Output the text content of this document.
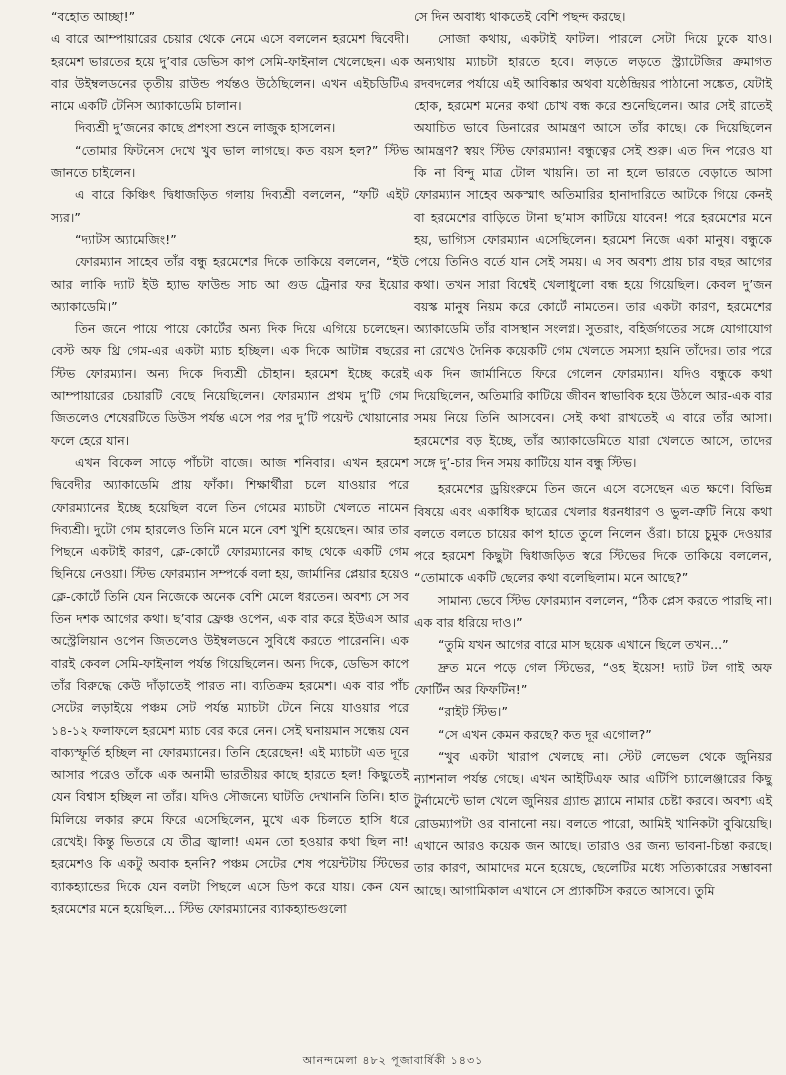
“বহোত আচ্ছা!”

এ বারে আম্পায়ারের চেয়ার থেকে নেমে এসে বললেন হরমেশ দ্বিবেদী। হরমেশ ভারতের হয়ে দু’বার ডেভিস কাপ সেমি-ফাইনাল খেলেছেন। এক বার উইম্বলডনের তৃতীয় রাউন্ড পর্যন্তও উঠেছিলেন। এখন এইচডিটিএ নামে একটি টেনিস অ্যাকাডেমি চালান।

দিব্যশ্রী দু’জনের কাছে প্রশংসা শুনে লাজুক হাসলেন।

“তোমার ফিটনেস দেখে খুব ভাল লাগছে। কত বয়স হল?” স্টিভ জানতে চাইলেন।

এ বারে কিঞ্চিৎ দ্বিধাজড়িত গলায় দিব্যশ্রী বললেন, “ফটি এইট স্যর।”

“দ্যাটস অ্যামেজিং!”

ফোরম্যান সাহেব তাঁর বন্ধু হরমেশের দিকে তাকিয়ে বললেন, “ইউ আর লাকি দ্যাট ইউ হ্যাভ ফাউন্ড সাচ আ গুড ট্রেনার ফর ইয়োর অ্যাকাডেমি।”

তিন জনে পায়ে পায়ে কোর্টের অন্য দিক দিয়ে এগিয়ে চলেছেন। বেস্ট অফ থ্রি গেম-এর একটা ম্যাচ হচ্ছিল। এক দিকে আটান্ন বছরের স্টিভ ফোরম্যান। অন্য দিকে দিব্যশ্রী চৌহান। হরমেশ ইচ্ছে করেই আম্পায়ারের চেয়ারটি বেছে নিয়েছিলেন। ফোরম্যান প্রথম দু’টি গেম জিতলেও শেষেরটিতে ডিউস পর্যন্ত এসে পর পর দু’টি পয়েন্ট খোয়ানোর ফলে হেরে যান।

এখন বিকেল সাড়ে পাঁচটা বাজে। আজ শনিবার। এখন হরমেশ দ্বিবেদীর অ্যাকাডেমি প্রায় ফাঁকা। শিক্ষার্থীরা চলে যাওয়ার পরে ফোরম্যানের ইচ্ছে হয়েছিল বলে তিন গেমের ম্যাচটা খেলতে নামেন দিব্যশ্রী। দুটো গেম হারলেও তিনি মনে মনে বেশ খুশি হয়েছেন। আর তার পিছনে একটাই কারণ, ক্লে-কোর্টে ফোরম্যানের কাছ থেকে একটি গেম ছিনিয়ে নেওয়া। স্টিভ ফোরম্যান সম্পর্কে বলা হয়, জার্মানির প্লেয়ার হয়েও ক্লে-কোর্টে তিনি যেন নিজেকে অনেক বেশি মেলে ধরতেন। অবশ্য সে সব তিন দশক আগের কথা। ছ’বার ফ্রেঞ্চ ওপেন, এক বার করে ইউএস আর অস্ট্রেলিয়ান ওপেন জিতলেও উইম্বলডনে সুবিধে করতে পারেননি। এক বারই কেবল সেমি-ফাইনাল পর্যন্ত গিয়েছিলেন। অন্য দিকে, ডেভিস কাপে তাঁর বিরুদ্ধে কেউ দাঁড়াতেই পারত না। ব্যতিক্রম হরমেশ। এক বার পাঁচ সেটের লড়াইয়ে পঞ্চম সেট পর্যন্ত ম্যাচটা টেনে নিয়ে যাওয়ার পরে ১৪-১২ ফলাফলে হরমেশ ম্যাচ বের করে নেন। সেই ঘনায়মান সন্ধেয় যেন বাক্যস্ফূর্তি হচ্ছিল না ফোরম্যানের। তিনি হেরেছেন! এই ম্যাচটা এত দূরে আসার পরেও তাঁকে এক অনামী ভারতীয়র কাছে হারতে হল! কিছুতেই যেন বিশ্বাস হচ্ছিল না তাঁর। যদিও সৌজন্যে ঘাটতি দেখাননি তিনি। হাত মিলিয়ে লকার রুমে ফিরে এসেছিলেন, মুখে এক চিলতে হাসি ধরে রেখেই। কিন্তু ভিতরে যে তীব্র জ্বালা! এমন তো হওয়ার কথা ছিল না! হরমেশও কি একটু অবাক হননি? পঞ্চম সেটের শেষ পয়েন্টটায় স্টিভের ব্যাকহ্যান্ডের দিকে যেন বলটা পিছলে এসে ডিপ করে যায়। কেন যেন হরমেশের মনে হয়েছিল... স্টিভ ফোরম্যানের ব্যাকহ্যান্ডগুলো

সে দিন অবাধ্য থাকতেই বেশি পছন্দ করছে।

সোজা কথায়, একটাই ফাটল। পারলে সেটা দিয়ে ঢুকে যাও। অন্যথায় ম্যাচটা হারতে হবে। লড়তে লড়তে স্ট্র্যাটেজির ক্রমাগত রদবদলের পর্যায়ে এই আবিষ্কার অথবা যষ্ঠেন্দ্রিয়র পাঠানো সঙ্কেত, যেটাই হোক, হরমেশ মনের কথা চোখ বন্ধ করে শুনেছিলেন। আর সেই রাতেই অযাচিত ভাবে ডিনারের আমন্ত্রণ আসে তাঁর কাছে। কে দিয়েছিলেন আমন্ত্রণ? স্বয়ং স্টিভ ফোরম্যান! বন্ধুত্বের সেই শুরু। এত দিন পরেও যা কি না বিন্দু মাত্র টোল খায়নি। তা না হলে ভারতে বেড়াতে আসা ফোরম্যান সাহেব অকস্মাৎ অতিমারির হানাদারিতে আটকে গিয়ে কেনই বা হরমেশের বাড়িতে টানা ছ’মাস কাটিয়ে যাবেন! পরে হরমেশের মনে হয়, ভাগ্যিস ফোরম্যান এসেছিলেন। হরমেশ নিজে একা মানুষ। বন্ধুকে পেয়ে তিনিও বর্তে যান সেই সময়। এ সব অবশ্য প্রায় চার বছর আগের কথা। তখন সারা বিশ্বেই খেলাধুলো বন্ধ হয়ে গিয়েছিল। কেবল দু’জন বয়স্ক মানুষ নিয়ম করে কোর্টে নামতেন। তার একটা কারণ, হরমেশের অ্যাকাডেমি তাঁর বাসস্থান সংলগ্ন। সুতরাং, বহির্জগতের সঙ্গে যোগাযোগ না রেখেও দৈনিক কয়েকটি গেম খেলতে সমস্যা হয়নি তাঁদের। তার পরে এক দিন জার্মানিতে ফিরে গেলেন ফোরম্যান। যদিও বন্ধুকে কথা দিয়েছিলেন, অতিমারি কাটিয়ে জীবন স্বাভাবিক হয়ে উঠলে আর-এক বার সময় নিয়ে তিনি আসবেন। সেই কথা রাখতেই এ বারে তাঁর আসা। হরমেশের বড় ইচ্ছে, তাঁর অ্যাকাডেমিতে যারা খেলতে আসে, তাদের সঙ্গে দু’-চার দিন সময় কাটিয়ে যান বন্ধু স্টিভ।

হরমেশের ড্রয়িংরুমে তিন জনে এসে বসেছেন এত ক্ষণে। বিভিন্ন বিষয়ে এবং একাধিক ছাত্রের খেলার ধরনধারণ ও ভুল-ত্রুটি নিয়ে কথা বলতে বলতে চায়ের কাপ হাতে তুলে নিলেন ওঁরা। চায়ে চুমুক দেওয়ার পরে হরমেশ কিছুটা দ্বিধাজড়িত স্বরে স্টিভের দিকে তাকিয়ে বললেন, “তোমাকে একটি ছেলের কথা বলেছিলাম। মনে আছে?”

সামান্য ভেবে স্টিভ ফোরম্যান বললেন, “ঠিক প্লেস করতে পারছি না। এক বার ধরিয়ে দাও।”

“তুমি যখন আগের বারে মাস ছয়েক এখানে ছিলে তখন...”

দ্রুত মনে পড়ে গেল স্টিভের, “ওহ ইয়েস! দ্যাট টল গাই অফ ফোর্টিন অর ফিফটিন!”

“রাইট স্টিভ।”

“সে এখন কেমন করছে? কত দূর এগোল?”

“খুব একটা খারাপ খেলছে না। স্টেট লেভেল থেকে জুনিয়র ন্যাশনাল পর্যন্ত গেছে। এখন আইটিএফ আর এটিপি চ্যালেঞ্জারের কিছু টুর্নামেন্টে ভাল খেলে জুনিয়র গ্র্যান্ড স্ল্যামে নামার চেষ্টা করবে। অবশ্য এই রোডম্যাপটা ওর বানানো নয়। বলতে পারো, আমিই খানিকটা বুঝিয়েছি। এখানে আরও কয়েক জন আছে। তারাও ওর জন্য ভাবনা-চিন্তা করছে। তার কারণ, আমাদের মনে হয়েছে, ছেলেটির মধ্যে সত্যিকারের সম্ভাবনা আছে। আগামিকাল এখানে সে প্র্যাকটিস করতে আসবে। তুমি

আনন্দমেলা ৪৮২ পূজাবার্ষিকী ১৪৩১
